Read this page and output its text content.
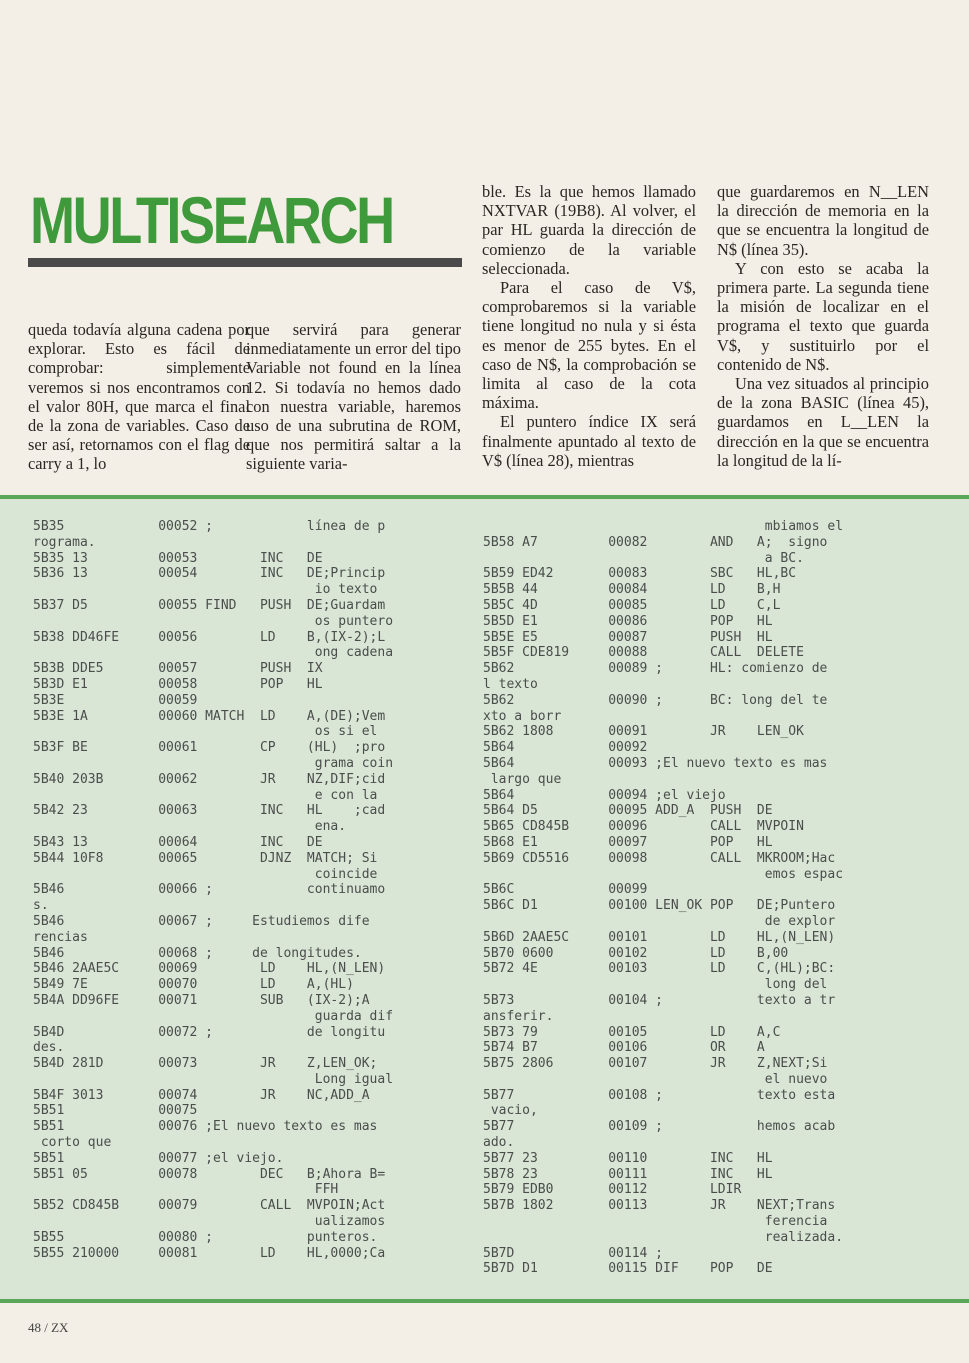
MULTISEARCH

queda todavía alguna cadena por explorar. Esto es fácil de comprobar: simplemente veremos si nos encontramos con el valor 80H, que marca el final de la zona de variables. Caso de ser así, retornamos con el flag de carry a 1, lo

que servirá para generar inmediatamente un error del tipo Variable not found en la línea 12. Si todavía no hemos dado con nuestra variable, haremos uso de una subrutina de ROM, que nos permitirá saltar a la siguiente varia-

ble. Es la que hemos llamado NXTVAR (19B8). Al volver, el par HL guarda la dirección de comienzo de la variable seleccionada.

Para el caso de V$, comprobaremos si la variable tiene longitud no nula y si ésta es menor de 255 bytes. En el caso de N$, la comprobación se limita al caso de la cota máxima.

El puntero índice IX será finalmente apuntado al texto de V$ (línea 28), mientras

que guardaremos en N__LEN la dirección de memoria en la que se encuentra la longitud de N$ (línea 35).

Y con esto se acaba la primera parte. La segunda tiene la misión de localizar en el programa el texto que guarda V$, y sustituirlo por el contenido de N$.

Una vez situados al principio de la zona BASIC (línea 45), guardamos en L__LEN la dirección en la que se encuentra la longitud de la lí-

5B35            00052 ;            línea de p
rograma.
5B35 13         00053        INC   DE
5B36 13         00054        INC   DE;Princip
io texto
5B37 D5         00055 FIND   PUSH  DE;Guardam
os puntero
5B38 DD46FE     00056        LD    B,(IX-2);L
ong cadena
5B3B DDE5       00057        PUSH  IX
5B3D E1         00058        POP   HL
5B3E            00059
5B3E 1A         00060 MATCH  LD    A,(DE);Vem
os si el
5B3F BE         00061        CP    (HL)  ;pro
grama coin
5B40 203B       00062        JR    NZ,DIF;cid
e con la
5B42 23         00063        INC   HL    ;cad
ena.
5B43 13         00064        INC   DE
5B44 10F8       00065        DJNZ  MATCH; Si
coincide
5B46            00066 ;            continuamo
s.
5B46            00067 ;     Estudiemos dife
rencias
5B46            00068 ;     de longitudes.
5B46 2AAE5C     00069        LD    HL,(N_LEN)
5B49 7E         00070        LD    A,(HL)
5B4A DD96FE     00071        SUB   (IX-2);A
guarda dif
5B4D            00072 ;            de longitu
des.
5B4D 281D       00073        JR    Z,LEN_OK;
Long igual
5B4F 3013       00074        JR    NC,ADD_A
5B51            00075
5B51            00076 ;El nuevo texto es mas
corto que
5B51            00077 ;el viejo.
5B51 05         00078        DEC   B;Ahora B=
FFH
5B52 CD845B     00079        CALL  MVPOIN;Act
ualizamos
5B55            00080 ;            punteros.
5B55 210000     00081        LD    HL,0000;Ca

mbiamos el
5B58 A7         00082        AND   A;  signo
a BC.
5B59 ED42       00083        SBC   HL,BC
5B5B 44         00084        LD    B,H
5B5C 4D         00085        LD    C,L
5B5D E1         00086        POP   HL
5B5E E5         00087        PUSH  HL
5B5F CDE819     00088        CALL  DELETE
5B62            00089 ;      HL: comienzo de
l texto
5B62            00090 ;      BC: long del te
xto a borr
5B62 1808       00091        JR    LEN_OK
5B64            00092
5B64            00093 ;El nuevo texto es mas
largo que
5B64            00094 ;el viejo
5B64 D5         00095 ADD_A  PUSH  DE
5B65 CD845B     00096        CALL  MVPOIN
5B68 E1         00097        POP   HL
5B69 CD5516     00098        CALL  MKROOM;Hac
emos espac
5B6C            00099
5B6C D1         00100 LEN_OK POP   DE;Puntero
de explor
5B6D 2AAE5C     00101        LD    HL,(N_LEN)
5B70 0600       00102        LD    B,00
5B72 4E         00103        LD    C,(HL);BC:
long del
5B73            00104 ;            texto a tr
ansferir.
5B73 79         00105        LD    A,C
5B74 B7         00106        OR    A
5B75 2806       00107        JR    Z,NEXT;Si
el nuevo
5B77            00108 ;            texto esta
vacio,
5B77            00109 ;            hemos acab
ado.
5B77 23         00110        INC   HL
5B78 23         00111        INC   HL
5B79 EDB0       00112        LDIR
5B7B 1802       00113        JR    NEXT;Trans
ferencia
realizada.
5B7D            00114 ;
5B7D D1         00115 DIF    POP   DE

48 / ZX
